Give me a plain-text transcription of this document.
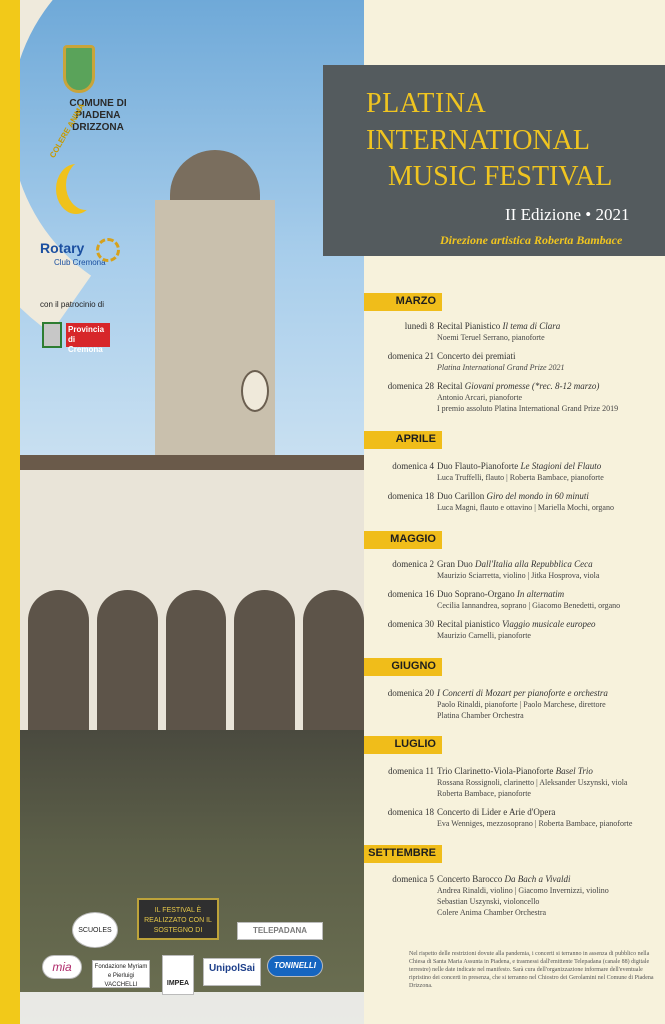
COMUNE DI PIADENA DRIZZONA
COLERE ANIMA
Rotary
Club Cremona
con il patrocinio di
Provincia di Cremona
PLATINA
INTERNATIONAL
MUSIC FESTIVAL
II Edizione • 2021
Direzione artistica Roberta Bambace
MARZO
APRILE
MAGGIO
GIUGNO
LUGLIO
SETTEMBRE
lunedì 8 Recital Pianistico Il tema di Clara
Noemi Teruel Serrano, pianoforte
domenica 21 Concerto dei premiati
Platina International Grand Prize 2021
domenica 28 Recital Giovani promesse (*rec. 8-12 marzo)
Antonio Arcari, pianoforte
I premio assoluto Platina International Grand Prize 2019
domenica 4 Duo Flauto-Pianoforte Le Stagioni del Flauto
Luca Truffelli, flauto | Roberta Bambace, pianoforte
domenica 18 Duo Carillon Giro del mondo in 60 minuti
Luca Magni, flauto e ottavino | Mariella Mochi, organo
domenica 2 Gran Duo Dall'Italia alla Repubblica Ceca
Maurizio Sciarretta, violino | Jitka Hosprova, viola
domenica 16 Duo Soprano-Organo In alternatim
Cecilia Iannandrea, soprano | Giacomo Benedetti, organo
domenica 30 Recital pianistico Viaggio musicale europeo
Maurizio Carnelli, pianoforte
domenica 20 I Concerti di Mozart per pianoforte e orchestra
Paolo Rinaldi, pianoforte | Paolo Marchese, direttore
Platina Chamber Orchestra
domenica 11 Trio Clarinetto-Viola-Pianoforte Basel Trio
Rossana Rossignoli, clarinetto | Aleksander Uszynski, viola
Roberta Bambace, pianoforte
domenica 18 Concerto di Lider e Arie d'Opera
Eva Wenniges, mezzosoprano | Roberta Bambace, pianoforte
domenica 5 Concerto Barocco Da Bach a Vivaldi
Andrea Rinaldi, violino | Giacomo Invernizzi, violino
Sebastian Uszynski, violoncello
Colere Anima Chamber Orchestra
IL FESTIVAL È REALIZZATO CON IL SOSTEGNO DI
SCUOLES	TELEPADANA
mia	Fondazione Myriam e Pierluigi VACCHELLI	IMPEA
UnipolSai	TONINELLI
Nel rispetto delle restrizioni dovute alla pandemia, i concerti si terranno in assenza di pubblico nella Chiesa di Santa Maria Assunta in Piadena, e trasmessi dall'emittente Telepadana (canale 88) digitale terrestre) nelle date indicate nel manifesto. Sarà cura dell'organizzazione informare dell'eventuale ripristino dei concerti in presenza, che si terranno nel Chiostro dei Gerolamini nel Comune di Piadena Drizzona.
